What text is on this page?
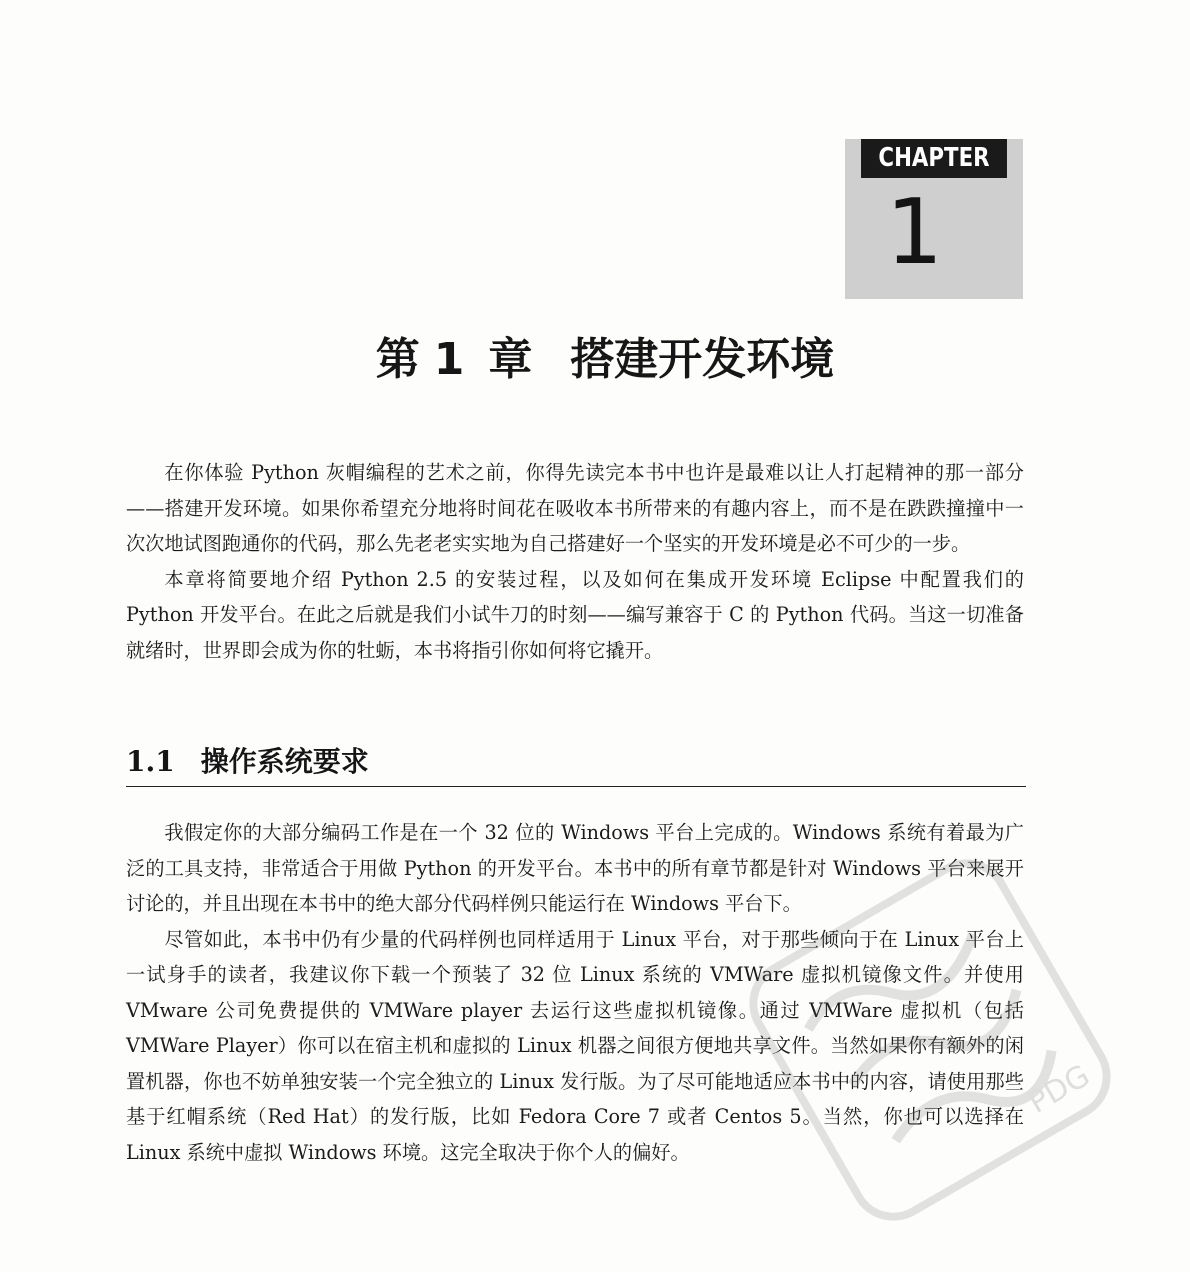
CHAPTER
1
第 1 章 搭建开发环境

在你体验 Python 灰帽编程的艺术之前，你得先读完本书中也许是最难以让人打起精神的那一部分——搭建开发环境。如果你希望充分地将时间花在吸收本书所带来的有趣内容上，而不是在跌跌撞撞中一次次地试图跑通你的代码，那么先老老实实地为自己搭建好一个坚实的开发环境是必不可少的一步。

本章将简要地介绍 Python 2.5 的安装过程，以及如何在集成开发环境 Eclipse 中配置我们的 Python 开发平台。在此之后就是我们小试牛刀的时刻——编写兼容于 C 的 Python 代码。当这一切准备就绪时，世界即会成为你的牡蛎，本书将指引你如何将它撬开。

1.1 操作系统要求

我假定你的大部分编码工作是在一个 32 位的 Windows 平台上完成的。Windows 系统有着最为广泛的工具支持，非常适合于用做 Python 的开发平台。本书中的所有章节都是针对 Windows 平台来展开讨论的，并且出现在本书中的绝大部分代码样例只能运行在 Windows 平台下。

尽管如此，本书中仍有少量的代码样例也同样适用于 Linux 平台，对于那些倾向于在 Linux 平台上一试身手的读者，我建议你下载一个预装了 32 位 Linux 系统的 VMWare 虚拟机镜像文件。并使用 VMware 公司免费提供的 VMWare player 去运行这些虚拟机镜像。通过 VMWare 虚拟机（包括 VMWare Player）你可以在宿主机和虚拟的 Linux 机器之间很方便地共享文件。当然如果你有额外的闲置机器，你也不妨单独安装一个完全独立的 Linux 发行版。为了尽可能地适应本书中的内容，请使用那些基于红帽系统（Red Hat）的发行版，比如 Fedora Core 7 或者 Centos 5。当然，你也可以选择在 Linux 系统中虚拟 Windows 环境。这完全取决于你个人的偏好。

PDG
